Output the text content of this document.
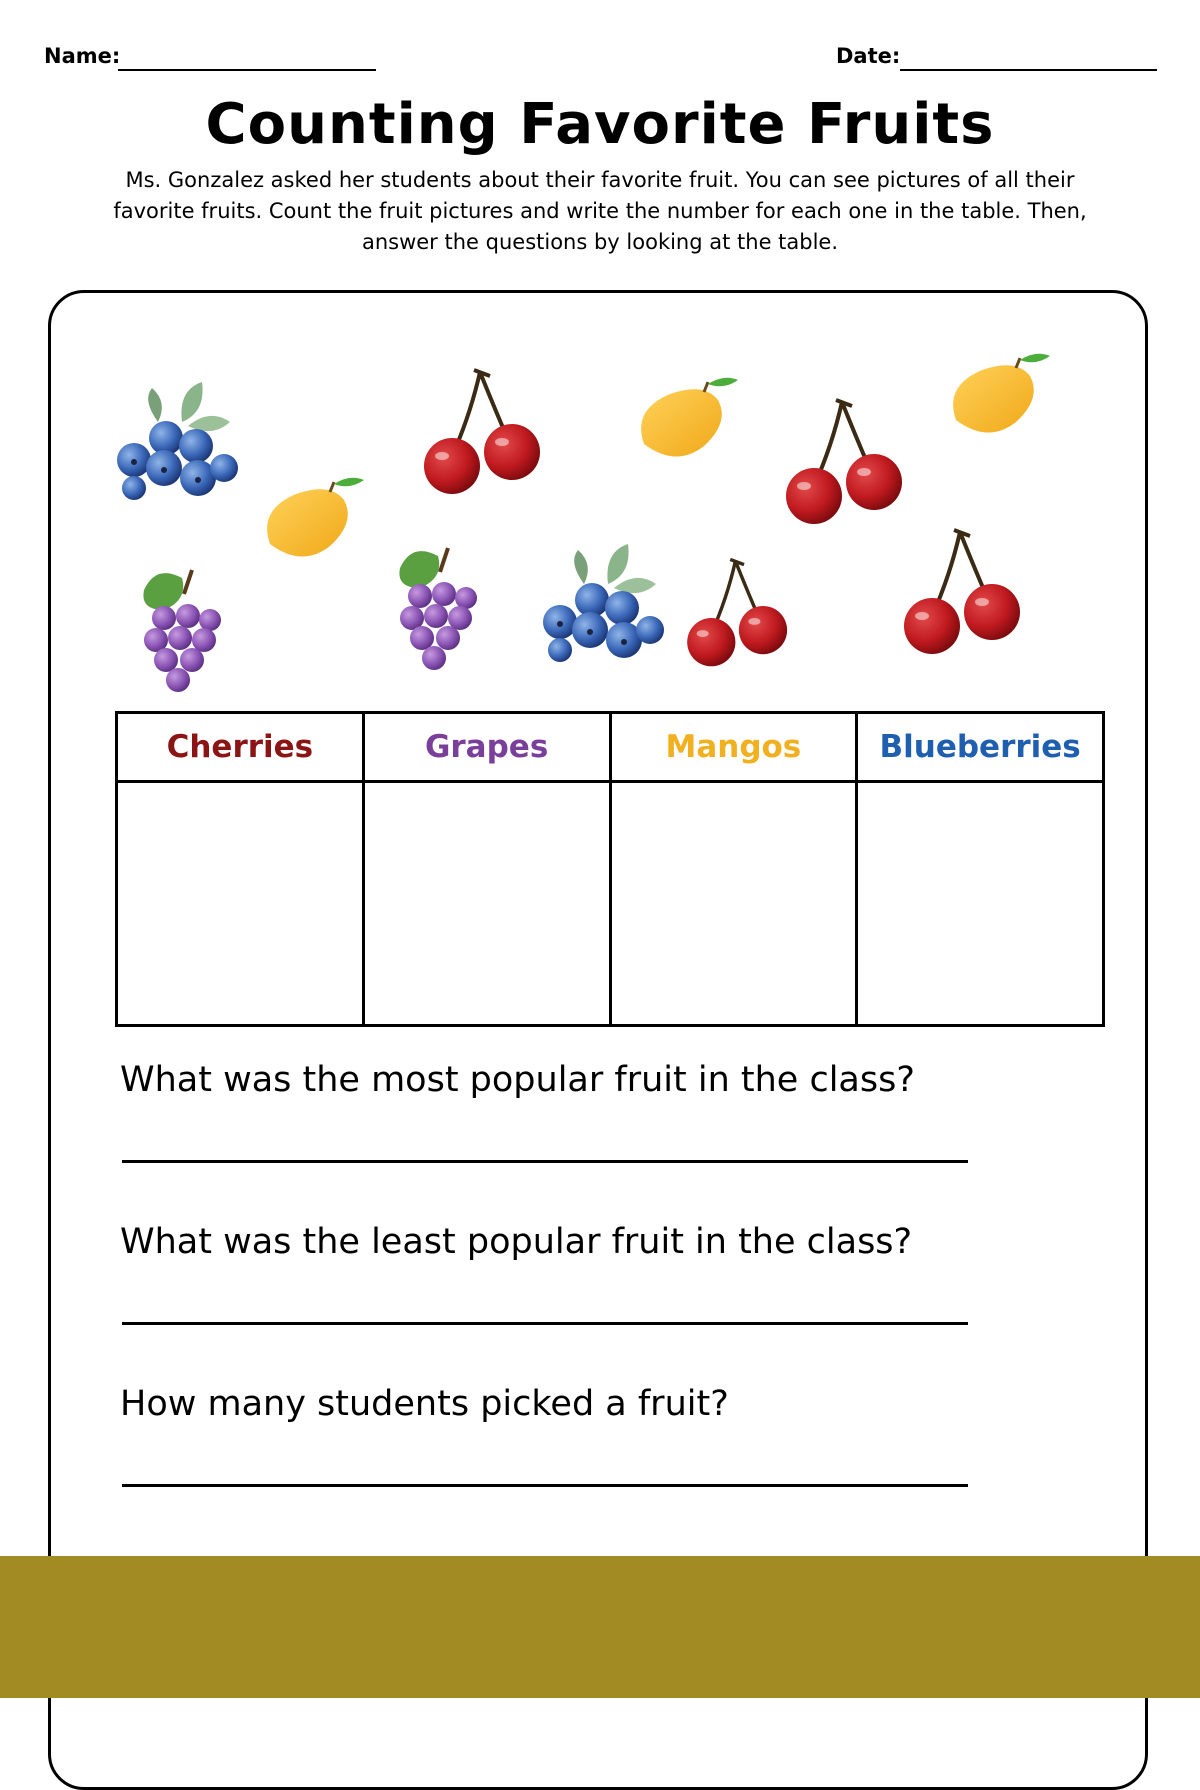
Name:	Date:
Counting Favorite Fruits
Ms. Gonzalez asked her students about their favorite fruit. You can see pictures of all their favorite fruits. Count the fruit pictures and write the number for each one in the table. Then, answer the questions by looking at the table.
Cherries	Grapes	Mangos	Blueberries

What was the most popular fruit in the class?
What was the least popular fruit in the class?
How many students picked a fruit?
